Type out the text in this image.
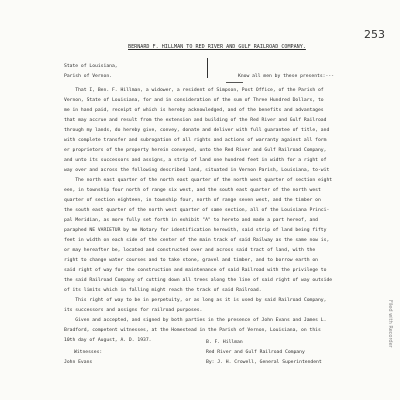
253
BERNARD F. HILLMAN TO RED RIVER AND GULF RAILROAD COMPANY.
State of Louisiana,
Parish of Vernon.	Know all men by these presents:---
That I, Ben. F. Hillman, a widower, a resident of Simpson, Post Office, of the Parish of
Vernon, State of Louisiana, for and in consideration of the sum of Three Hundred Dollars, to
me in hand paid, receipt of which is hereby acknowledged, and of the benefits and advantages
that may accrue and result from the extension and building of the Red River and Gulf Railroad
through my lands, do hereby give, convey, donate and deliver with full guarantee of title, and
with complete transfer and subrogation of all rights and actions of warranty against all form
er proprietors of the property herein conveyed, unto the Red River and Gulf Railroad Company,
and unto its successors and assigns, a strip of land one hundred feet in width for a right of
way over and across the following described land, situated in Vernon Parish, Louisiana, to-wit
The north east quarter of the north east quarter of the north west quarter of section eight
een, in township four north of range six west, and the south east quarter of the north west
quarter of section eighteen, in township four, north of range seven west, and the timber on
the south east quarter of the north west quarter of same section, all of the Louisiana Princi-
pal Meridian, as more fully set forth in exhibit "A" to hereto and made a part hereof, and
paraphed NE VARIETUR by me Notary for identification herewith, said strip of land being fifty
feet in width on each side of the center of the main track of said Railway as the same now is,
or may hereafter be, located and constructed over and across said tract of land, with the
right to change water courses and to take stone, gravel and timber, and to borrow earth on
said right of way for the construction and maintenance of said Railroad with the privilege to
the said Railroad Company of cutting down all trees along the line of said right of way outside
of its limits which in falling might reach the track of said Railroad.
This right of way to be in perpetuity, or as long as it is used by said Railroad Company,
its successors and assigns for railroad purposes.
Given and accepted, and signed by both parties in the presence of John Evans and James L.
Bradford, competent witnesses, at the Homestead in the Parish of Vernon, Louisiana, on this
10th day of August, A. D. 1937.

	B. F. Hillman

Witnesses:

	Red River and Gulf Railroad Company

John Evans

	By: J. H. Crowell, General Superintendent

Filed with Recorder
